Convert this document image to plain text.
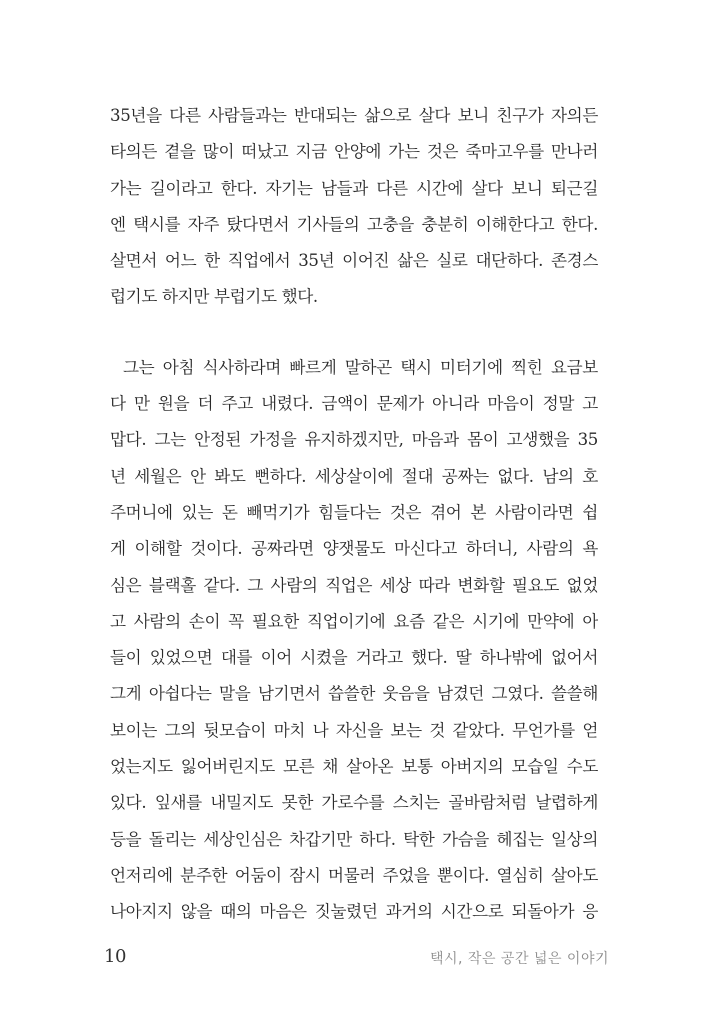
35년을 다른 사람들과는 반대되는 삶으로 살다 보니 친구가 자의든
타의든 곁을 많이 떠났고 지금 안양에 가는 것은 죽마고우를 만나러
가는 길이라고 한다. 자기는 남들과 다른 시간에 살다 보니 퇴근길
엔 택시를 자주 탔다면서 기사들의 고충을 충분히 이해한다고 한다.
살면서 어느 한 직업에서 35년 이어진 삶은 실로 대단하다. 존경스
럽기도 하지만 부럽기도 했다.
그는 아침 식사하라며 빠르게 말하곤 택시 미터기에 찍힌 요금보
다 만 원을 더 주고 내렸다. 금액이 문제가 아니라 마음이 정말 고
맙다. 그는 안정된 가정을 유지하겠지만, 마음과 몸이 고생했을 35
년 세월은 안 봐도 뻔하다. 세상살이에 절대 공짜는 없다. 남의 호
주머니에 있는 돈 빼먹기가 힘들다는 것은 겪어 본 사람이라면 쉽
게 이해할 것이다. 공짜라면 양잿물도 마신다고 하더니, 사람의 욕
심은 블랙홀 같다. 그 사람의 직업은 세상 따라 변화할 필요도 없었
고 사람의 손이 꼭 필요한 직업이기에 요즘 같은 시기에 만약에 아
들이 있었으면 대를 이어 시켰을 거라고 했다. 딸 하나밖에 없어서
그게 아쉽다는 말을 남기면서 씁쓸한 웃음을 남겼던 그였다. 쓸쓸해
보이는 그의 뒷모습이 마치 나 자신을 보는 것 같았다. 무언가를 얻
었는지도 잃어버린지도 모른 채 살아온 보통 아버지의 모습일 수도
있다. 잎새를 내밀지도 못한 가로수를 스치는 골바람처럼 날렵하게
등을 돌리는 세상인심은 차갑기만 하다. 탁한 가슴을 헤집는 일상의
언저리에 분주한 어둠이 잠시 머물러 주었을 뿐이다. 열심히 살아도
나아지지 않을 때의 마음은 짓눌렸던 과거의 시간으로 되돌아가 응
10	택시, 작은 공간 넓은 이야기
